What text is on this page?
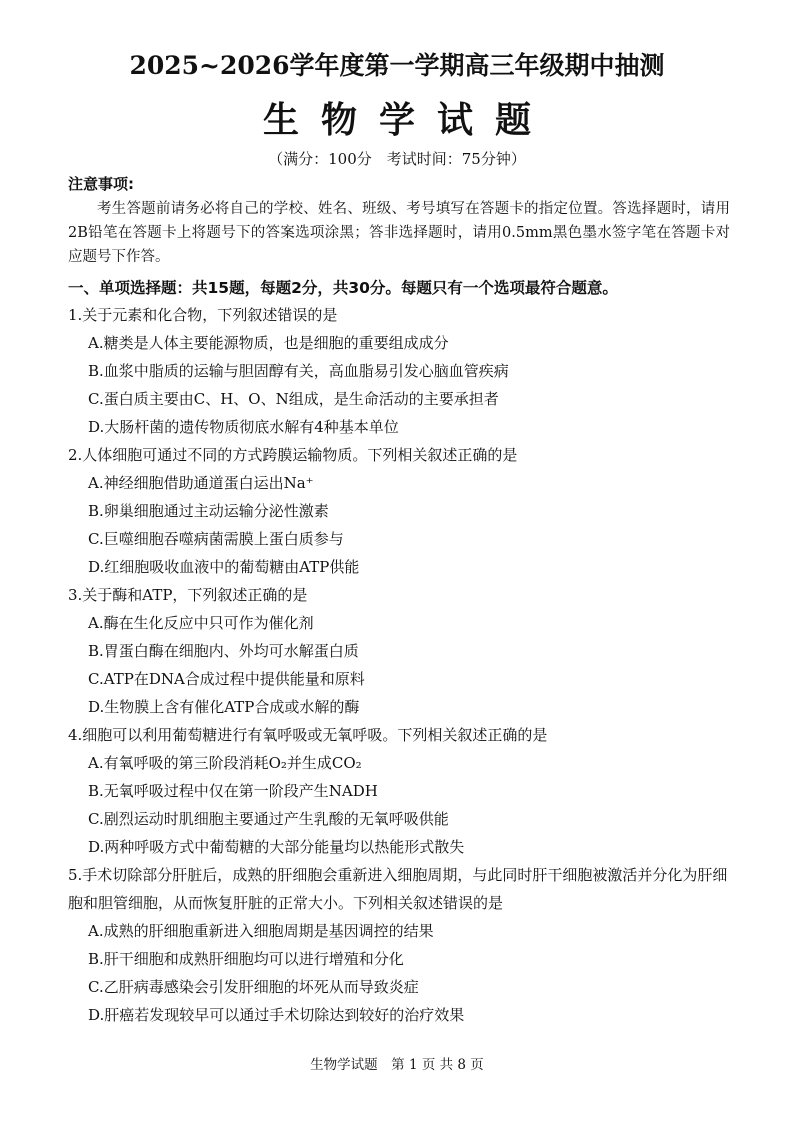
2025~2026学年度第一学期高三年级期中抽测
生物学试题
（满分：100分　考试时间：75分钟）
注意事项:
考生答题前请务必将自己的学校、姓名、班级、考号填写在答题卡的指定位置。答选择题时，请用2B铅笔在答题卡上将题号下的答案选项涂黑；答非选择题时，请用0.5mm黑色墨水签字笔在答题卡对应题号下作答。
一、单项选择题：共15题，每题2分，共30分。每题只有一个选项最符合题意。

1.关于元素和化合物，下列叙述错误的是

A.糖类是人体主要能源物质，也是细胞的重要组成成分

B.血浆中脂质的运输与胆固醇有关，高血脂易引发心脑血管疾病

C.蛋白质主要由C、H、O、N组成，是生命活动的主要承担者

D.大肠杆菌的遗传物质彻底水解有4种基本单位

2.人体细胞可通过不同的方式跨膜运输物质。下列相关叙述正确的是

A.神经细胞借助通道蛋白运出Na⁺

B.卵巢细胞通过主动运输分泌性激素

C.巨噬细胞吞噬病菌需膜上蛋白质参与

D.红细胞吸收血液中的葡萄糖由ATP供能

3.关于酶和ATP，下列叙述正确的是

A.酶在生化反应中只可作为催化剂

B.胃蛋白酶在细胞内、外均可水解蛋白质

C.ATP在DNA合成过程中提供能量和原料

D.生物膜上含有催化ATP合成或水解的酶

4.细胞可以利用葡萄糖进行有氧呼吸或无氧呼吸。下列相关叙述正确的是

A.有氧呼吸的第三阶段消耗O₂并生成CO₂

B.无氧呼吸过程中仅在第一阶段产生NADH

C.剧烈运动时肌细胞主要通过产生乳酸的无氧呼吸供能

D.两种呼吸方式中葡萄糖的大部分能量均以热能形式散失

5.手术切除部分肝脏后，成熟的肝细胞会重新进入细胞周期，与此同时肝干细胞被激活并分化为肝细胞和胆管细胞，从而恢复肝脏的正常大小。下列相关叙述错误的是

A.成熟的肝细胞重新进入细胞周期是基因调控的结果

B.肝干细胞和成熟肝细胞均可以进行增殖和分化

C.乙肝病毒感染会引发肝细胞的坏死从而导致炎症

D.肝癌若发现较早可以通过手术切除达到较好的治疗效果

生物学试题　第 1 页 共 8 页
